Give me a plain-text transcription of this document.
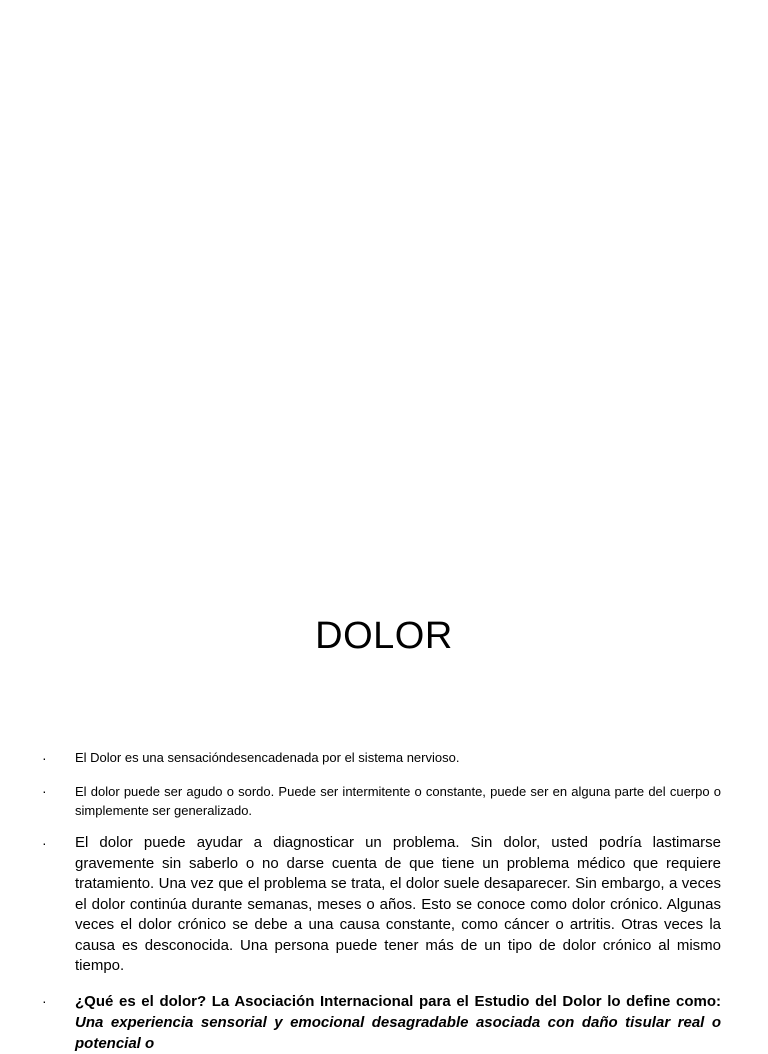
DOLOR
· El Dolor es una sensacióndesencadenada por el sistema nervioso.
· El dolor puede ser agudo o sordo. Puede ser intermitente o constante, puede ser en alguna parte del cuerpo o simplemente ser generalizado.
· El dolor puede ayudar a diagnosticar un problema. Sin dolor, usted podría lastimarse gravemente sin saberlo o no darse cuenta de que tiene un problema médico que requiere tratamiento. Una vez que el problema se trata, el dolor suele desaparecer. Sin embargo, a veces el dolor continúa durante semanas, meses o años. Esto se conoce como dolor crónico. Algunas veces el dolor crónico se debe a una causa constante, como cáncer o artritis. Otras veces la causa es desconocida. Una persona puede tener más de un tipo de dolor crónico al mismo tiempo.
· ¿Qué es el dolor? La Asociación Internacional para el Estudio del Dolor lo define como: Una experiencia sensorial y emocional desagradable asociada con daño tisular real o potencial o
